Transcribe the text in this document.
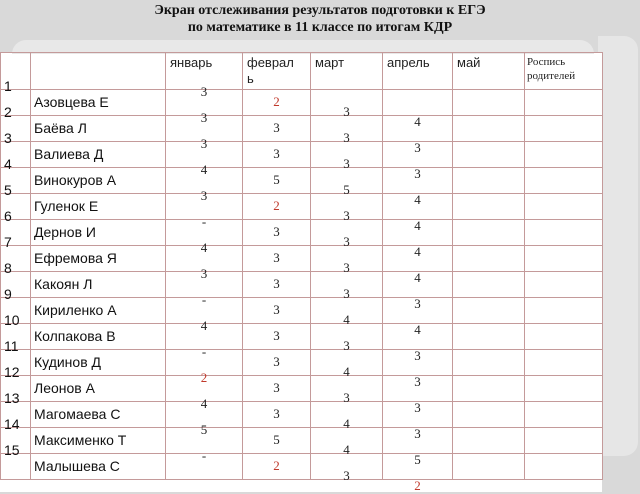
Экран отслеживания результатов подготовки к ЕГЭ
по математике в 11 классе по итогам КДР

		январь	февраль	март	апрель	май	Роспись родителей

1	Азовцева Е	3	2	3	4		

2	Баёва Л	3	3	3	3		

3	Валиева Д	3	3	3	3		

4	Винокуров А	4	5	5	4		

5	Гуленок Е	3	2	3	4		

6	Дернов И	-	3	3	4		

7	Ефремова Я	4	3	3	4		

8	Какоян Л	3	3	3	3		

9	Кириленко А	-	3	4	4		

10	Колпакова В	4	3	3	3		

11	Кудинов Д	-	3	4	3		

12	Леонов А	2	3	3	3		

13	Магомаева С	4	3	4	3		

14	Максименко Т	5	5	4	5		

15	Малышева С	-	2	3	2		
